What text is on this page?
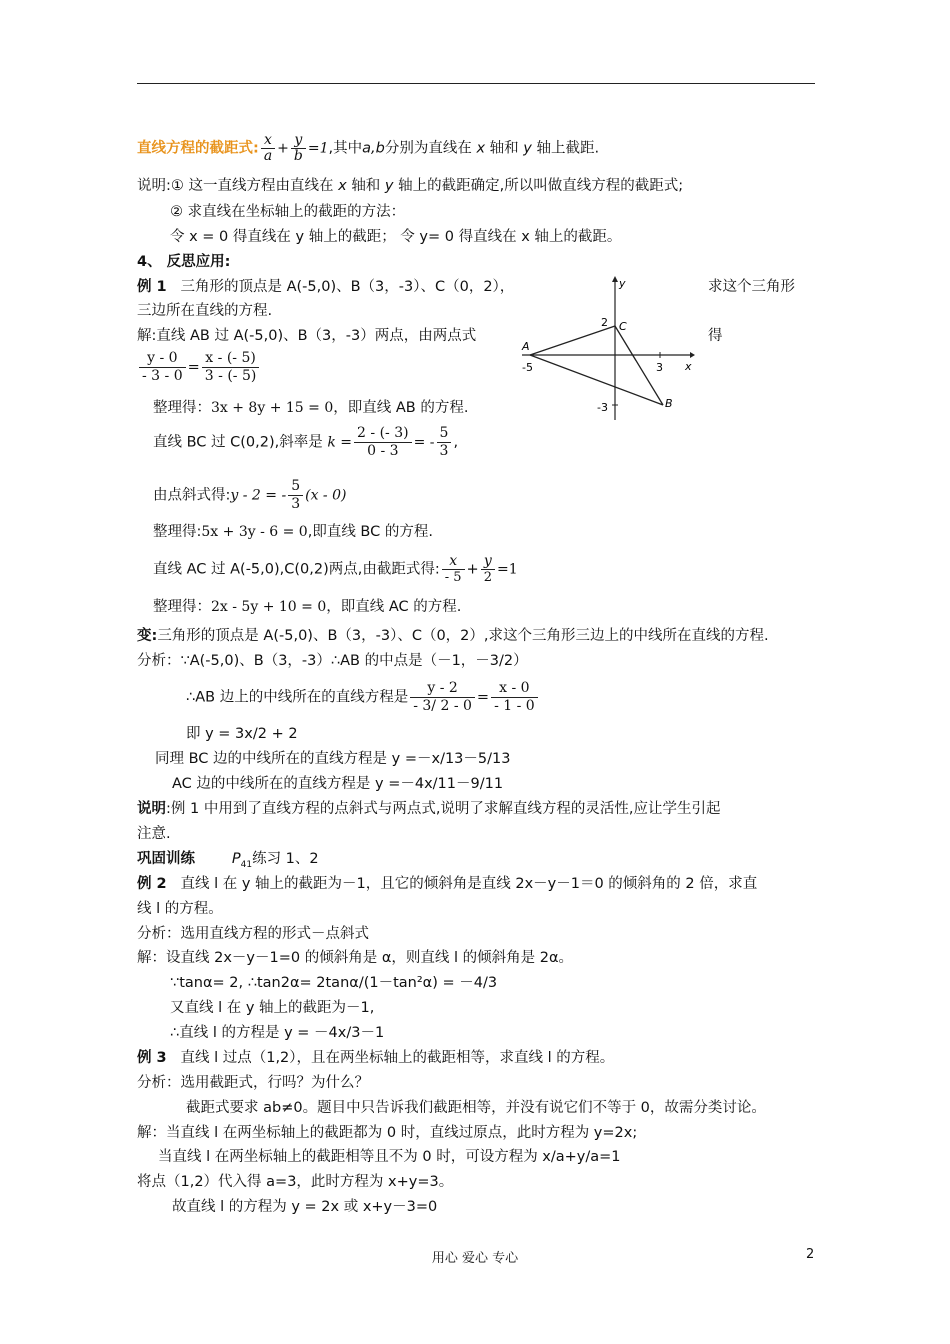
直线方程的截距式: $\frac{x}{a} + \frac{y}{b} =1$,其中a,b分别为直线在 x 轴和 y 轴上截距.
说明:① 这一直线方程由直线在 x 轴和 y 轴上的截距确定,所以叫做直线方程的截距式;
② 求直线在坐标轴上的截距的方法：
令 x = 0 得直线在 y 轴上的截距； 令 y= 0 得直线在 x 轴上的截距。
4、 反思应用:
例 1 三角形的顶点是 A(-5,0)、B（3，-3）、C（0，2），	求这个三角形
三边所在直线的方程.
解:直线 AB 过 A(-5,0)、B（3，-3）两点，由两点式	得
$\frac{y - 0}{- 3 - 0} = \frac{x - (- 5)}{3 - (- 5)}$
整理得：3x + 8y + 15 = 0，即直线 AB 的方程.
直线 BC 过 C(0,2),斜率是 $k = \frac{2 - (- 3)}{0 - 3}$ = - $\frac{5}{3}$ ,
由点斜式得:y - 2 = - $\frac{5}{3} (x - 0)$
整理得:5x + 3y - 6 = 0,即直线 BC 的方程.
直线 AC 过 A(-5,0),C(0,2)两点,由截距式得: $\frac{x}{- 5} + \frac{y}{2} =1$
整理得：2x - 5y + 10 = 0，即直线 AC 的方程.
y
x
A
B
C
2
-5	3
-3
变:三角形的顶点是 A(-5,0)、B（3，-3）、C（0，2）,求这个三角形三边上的中线所在直线的方程.
分析：∵A(-5,0)、B（3，-3）∴AB 的中点是（－1，－3/2）
∴AB 边上的中线所在的直线方程是 $\frac{y - 2}{- 3/ 2 - 0} = \frac{x - 0}{- 1 - 0}$
即 y = 3x/2 + 2
同理 BC 边的中线所在的直线方程是 y =－x/13－5/13
AC 边的中线所在的直线方程是 y =－4x/11－9/11
说明:例 1 中用到了直线方程的点斜式与两点式,说明了求解直线方程的灵活性,应让学生引起
注意.
巩固训练	$P_{41}$练习 1、2
例 2 直线 l 在 y 轴上的截距为－1，且它的倾斜角是直线 2x－y－1＝0 的倾斜角的 2 倍，求直
线 l 的方程。
分析：选用直线方程的形式－点斜式
解：设直线 2x－y－1=0 的倾斜角是 α，则直线 l 的倾斜角是 2α。
∵tanα= 2, ∴tan2α= 2tanα/(1－tan²α) = －4/3
又直线 l 在 y 轴上的截距为－1,
∴直线 l 的方程是 y = －4x/3－1
例 3 直线 l 过点（1,2），且在两坐标轴上的截距相等，求直线 l 的方程。
分析：选用截距式，行吗？为什么？
截距式要求 ab≠0。题目中只告诉我们截距相等，并没有说它们不等于 0，故需分类讨论。
解：当直线 l 在两坐标轴上的截距都为 0 时，直线过原点，此时方程为 y=2x;
当直线 l 在两坐标轴上的截距相等且不为 0 时，可设方程为 x/a+y/a=1
将点（1,2）代入得 a=3，此时方程为 x+y=3。
故直线 l 的方程为 y = 2x 或 x+y－3=0
用心 爱心 专心	2
